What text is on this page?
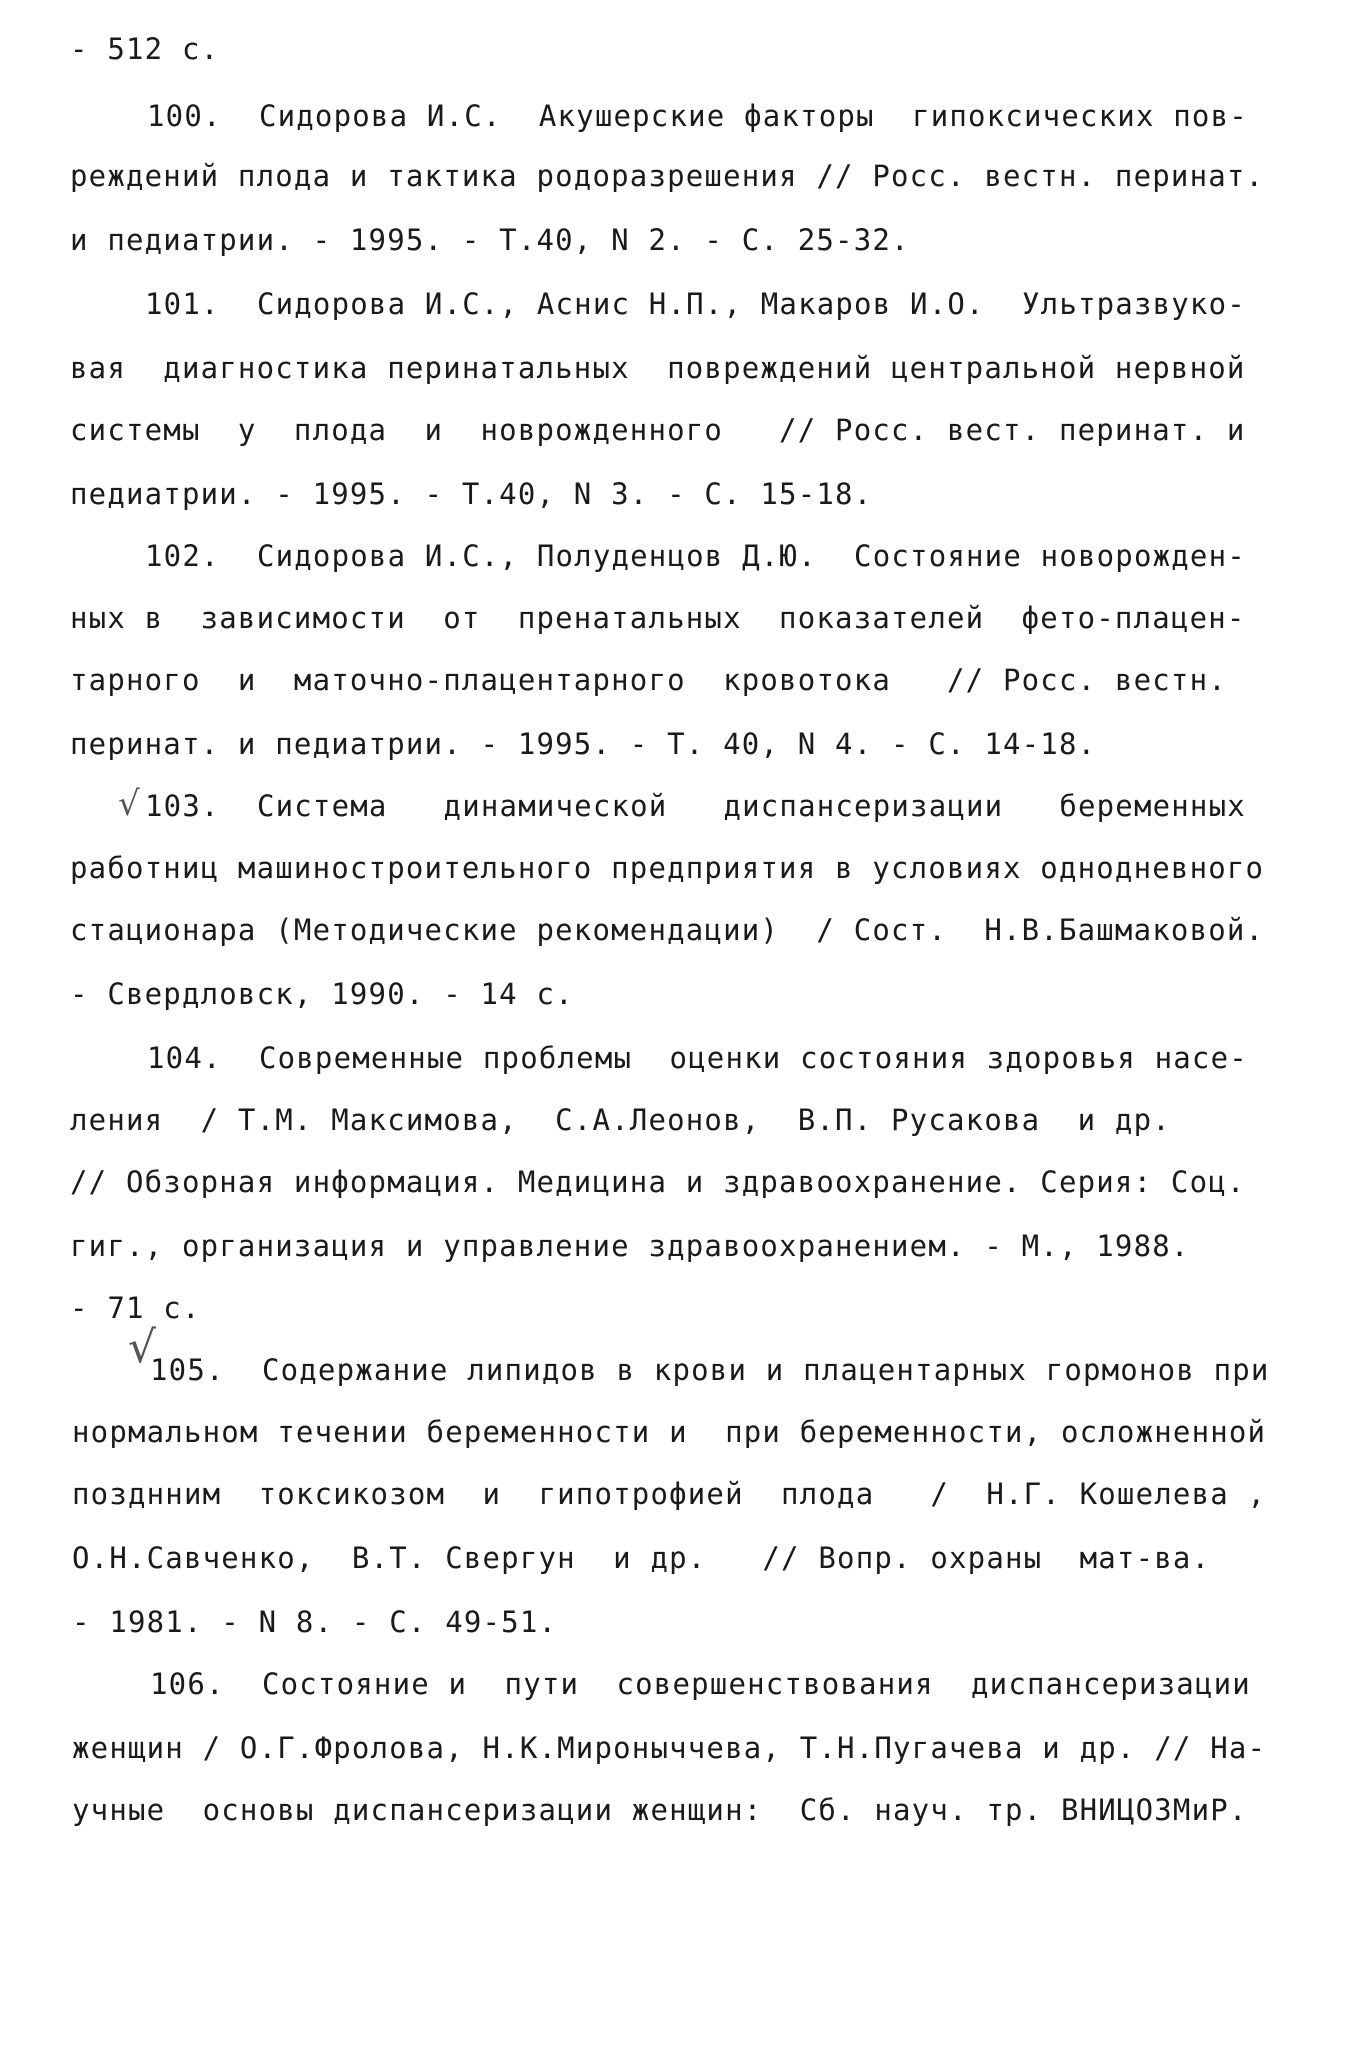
- 512 с.
100.  Сидорова И.С.  Акушерские факторы  гипоксических пов-
реждений плода и тактика родоразрешения // Росс. вестн. перинат.
и педиатрии. - 1995. - Т.40, N 2. - С. 25-32.
101.  Сидорова И.С., Аснис Н.П., Макаров И.О.  Ультразвуко-
вая  диагностика перинатальных  повреждений центральной нервной
системы  у  плода  и  новрожденного   // Росс. вест. перинат. и
педиатрии. - 1995. - Т.40, N 3. - С. 15-18.
102.  Сидорова И.С., Полуденцов Д.Ю.  Состояние новорожден-
ных в  зависимости  от  пренатальных  показателей  фето-плацен-
тарного  и  маточно-плацентарного  кровотока   // Росс. вестн.
перинат. и педиатрии. - 1995. - Т. 40, N 4. - С. 14-18.
√ 103.  Система   динамической   диспансеризации   беременных
работниц машиностроительного предприятия в условиях однодневного
стационара (Методические рекомендации)  / Сост.  Н.В.Башмаковой.
- Свердловск, 1990. - 14 с.
104.  Современные проблемы  оценки состояния здоровья насе-
ления  / Т.М. Максимова,  С.А.Леонов,  В.П. Русакова  и др.
// Обзорная информация. Медицина и здравоохранение. Серия: Соц.
гиг., организация и управление здравоохранением. - М., 1988.
- 71 с.
√
105.  Содержание липидов в крови и плацентарных гормонов при
нормальном течении беременности и  при беременности, осложненной
позднним  токсикозом  и  гипотрофией  плода   /  Н.Г. Кошелева ,
О.Н.Савченко,  В.Т. Свергун  и др.   // Вопр. охраны  мат-ва.
- 1981. - N 8. - С. 49-51.
106.  Состояние и  пути  совершенствования  диспансеризации
женщин / О.Г.Фролова, Н.К.Мироныччева, Т.Н.Пугачева и др. // На-
учные  основы диспансеризации женщин:  Сб. науч. тр. ВНИЦОЗМиР.
